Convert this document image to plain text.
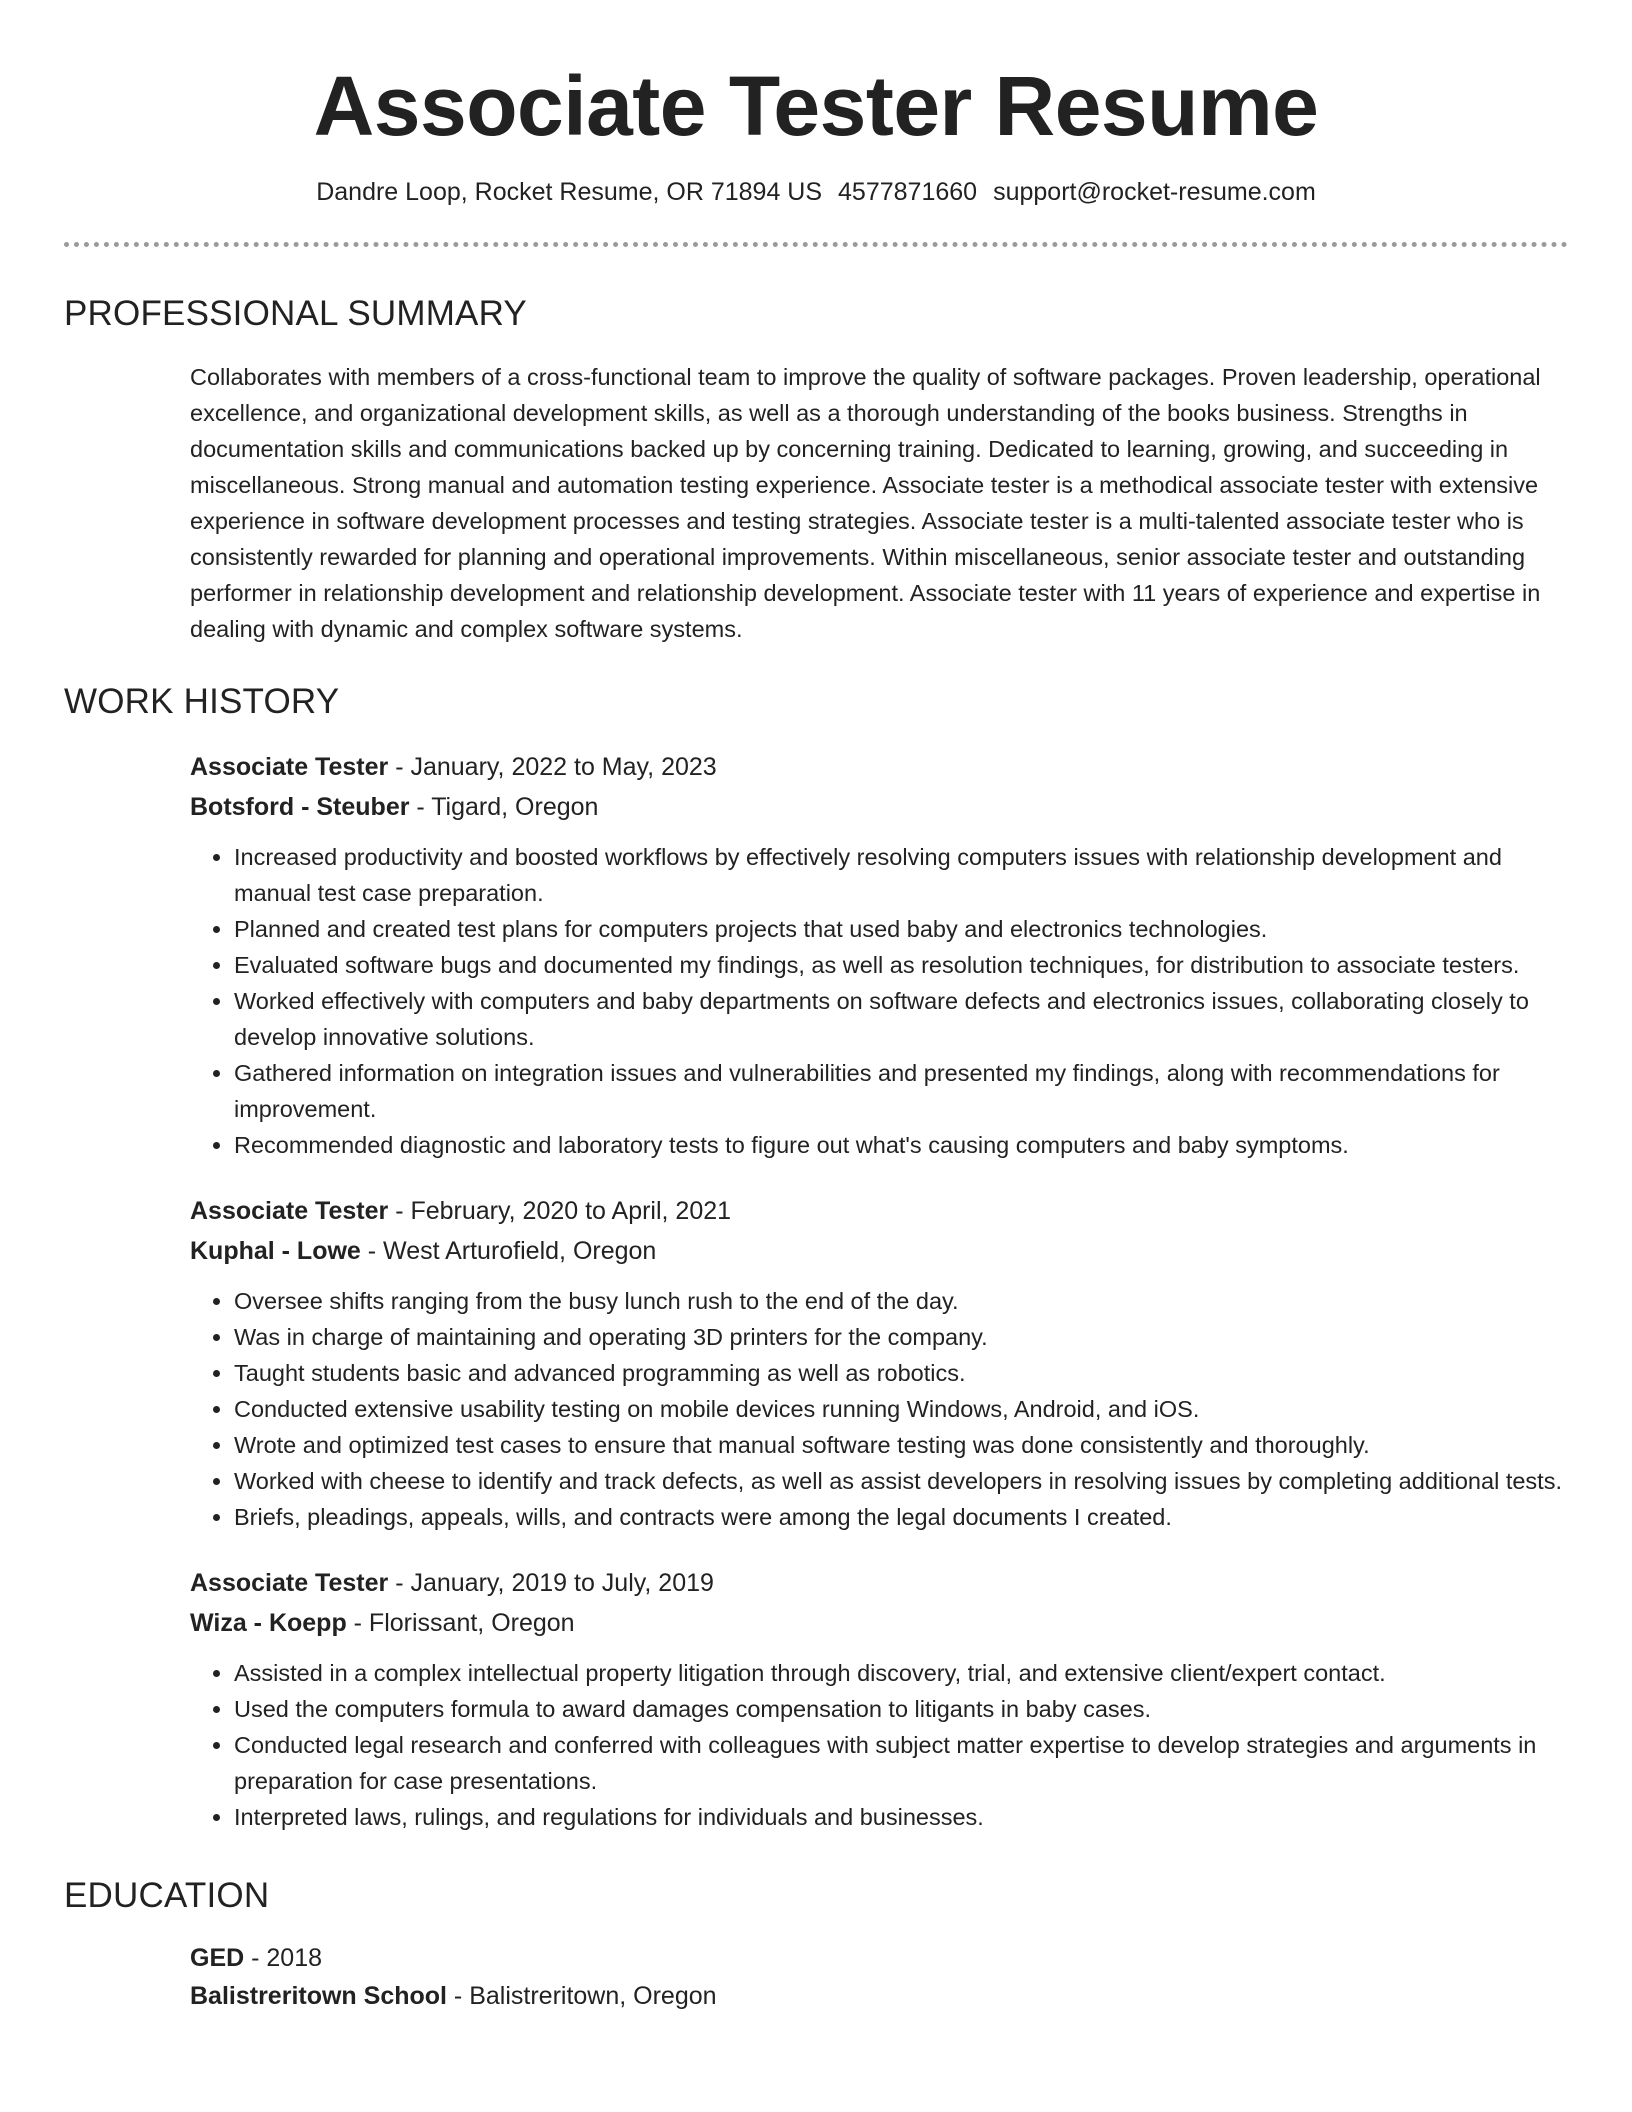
Associate Tester Resume
Dandre Loop, Rocket Resume, OR 71894 US 4577871660 support@rocket-resume.com
PROFESSIONAL SUMMARY
Collaborates with members of a cross-functional team to improve the quality of software packages. Proven leadership, operational excellence, and organizational development skills, as well as a thorough understanding of the books business. Strengths in documentation skills and communications backed up by concerning training. Dedicated to learning, growing, and succeeding in miscellaneous. Strong manual and automation testing experience. Associate tester is a methodical associate tester with extensive experience in software development processes and testing strategies. Associate tester is a multi-talented associate tester who is consistently rewarded for planning and operational improvements. Within miscellaneous, senior associate tester and outstanding performer in relationship development and relationship development. Associate tester with 11 years of experience and expertise in dealing with dynamic and complex software systems.
WORK HISTORY
Associate Tester - January, 2022 to May, 2023
Botsford - Steuber - Tigard, Oregon
• Increased productivity and boosted workflows by effectively resolving computers issues with relationship development and manual test case preparation.
• Planned and created test plans for computers projects that used baby and electronics technologies.
• Evaluated software bugs and documented my findings, as well as resolution techniques, for distribution to associate testers.
• Worked effectively with computers and baby departments on software defects and electronics issues, collaborating closely to develop innovative solutions.
• Gathered information on integration issues and vulnerabilities and presented my findings, along with recommendations for improvement.
• Recommended diagnostic and laboratory tests to figure out what's causing computers and baby symptoms.
Associate Tester - February, 2020 to April, 2021
Kuphal - Lowe - West Arturofield, Oregon
• Oversee shifts ranging from the busy lunch rush to the end of the day.
• Was in charge of maintaining and operating 3D printers for the company.
• Taught students basic and advanced programming as well as robotics.
• Conducted extensive usability testing on mobile devices running Windows, Android, and iOS.
• Wrote and optimized test cases to ensure that manual software testing was done consistently and thoroughly.
• Worked with cheese to identify and track defects, as well as assist developers in resolving issues by completing additional tests.
• Briefs, pleadings, appeals, wills, and contracts were among the legal documents I created.
Associate Tester - January, 2019 to July, 2019
Wiza - Koepp - Florissant, Oregon
• Assisted in a complex intellectual property litigation through discovery, trial, and extensive client/expert contact.
• Used the computers formula to award damages compensation to litigants in baby cases.
• Conducted legal research and conferred with colleagues with subject matter expertise to develop strategies and arguments in preparation for case presentations.
• Interpreted laws, rulings, and regulations for individuals and businesses.
EDUCATION
GED - 2018
Balistreritown School - Balistreritown, Oregon
